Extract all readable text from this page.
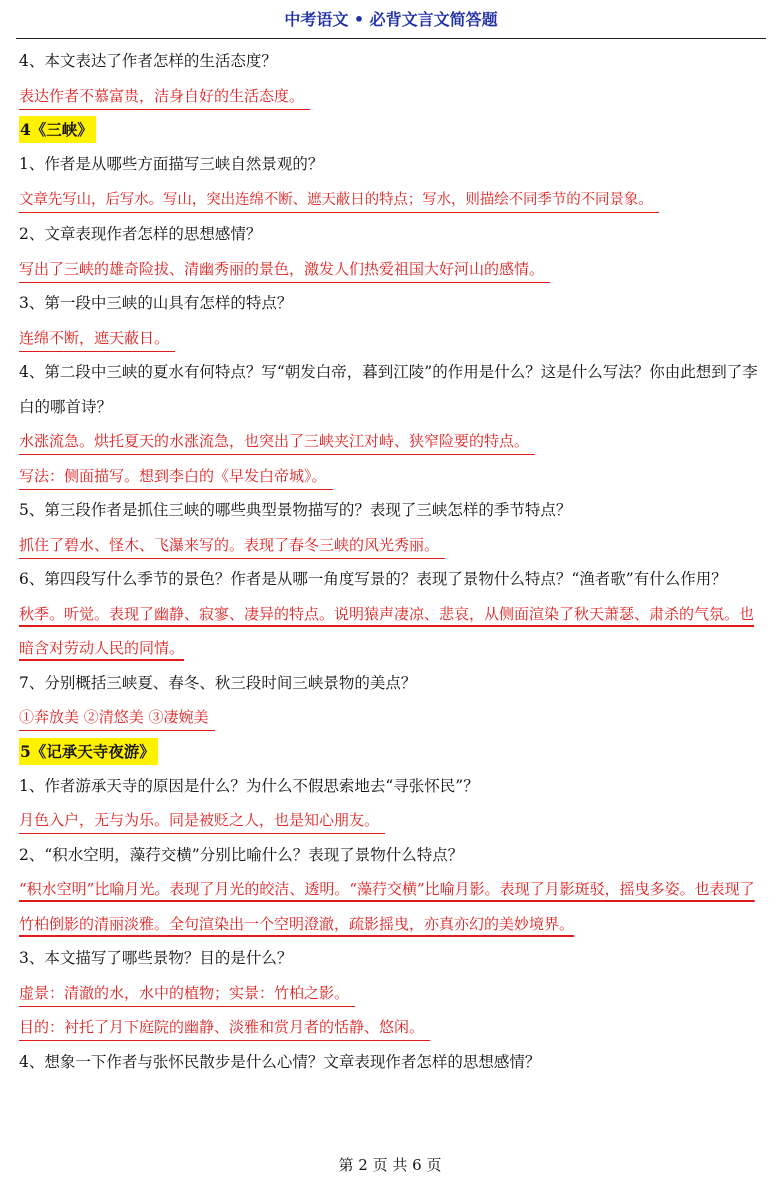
中考语文 • 必背文言文简答题
4、本文表达了作者怎样的生活态度？
表达作者不慕富贵，洁身自好的生活态度。
4《三峡》
1、作者是从哪些方面描写三峡自然景观的？
文章先写山，后写水。写山，突出连绵不断、遮天蔽日的特点；写水，则描绘不同季节的不同景象。
2、文章表现作者怎样的思想感情？
写出了三峡的雄奇险拔、清幽秀丽的景色，激发人们热爱祖国大好河山的感情。
3、第一段中三峡的山具有怎样的特点？
连绵不断，遮天蔽日。
4、第二段中三峡的夏水有何特点？写“朝发白帝，暮到江陵”的作用是什么？这是什么写法？你由此想到了李白的哪首诗？
水涨流急。烘托夏天的水涨流急，也突出了三峡夹江对峙、狭窄险要的特点。
写法：侧面描写。想到李白的《早发白帝城》。
5、第三段作者是抓住三峡的哪些典型景物描写的？表现了三峡怎样的季节特点？
抓住了碧水、怪木、飞瀑来写的。表现了春冬三峡的风光秀丽。
6、第四段写什么季节的景色？作者是从哪一角度写景的？表现了景物什么特点？“渔者歌”有什么作用？
秋季。听觉。表现了幽静、寂寥、凄异的特点。说明猿声凄凉、悲哀，从侧面渲染了秋天萧瑟、肃杀的气氛。也暗含对劳动人民的同情。
7、分别概括三峡夏、春冬、秋三段时间三峡景物的美点？
①奔放美 ②清悠美 ③凄婉美
5《记承天寺夜游》
1、作者游承天寺的原因是什么？为什么不假思索地去“寻张怀民”？
月色入户，无与为乐。同是被贬之人，也是知心朋友。
2、“积水空明，藻荇交横”分别比喻什么？表现了景物什么特点？
“积水空明”比喻月光。表现了月光的皎洁、透明。“藻荇交横”比喻月影。表现了月影斑驳，摇曳多姿。也表现了竹柏倒影的清丽淡雅。全句渲染出一个空明澄澈，疏影摇曳，亦真亦幻的美妙境界。
3、本文描写了哪些景物？目的是什么？
虚景：清澈的水，水中的植物；实景：竹柏之影。
目的：衬托了月下庭院的幽静、淡雅和赏月者的恬静、悠闲。
4、想象一下作者与张怀民散步是什么心情？文章表现作者怎样的思想感情？
第 2 页 共 6 页
